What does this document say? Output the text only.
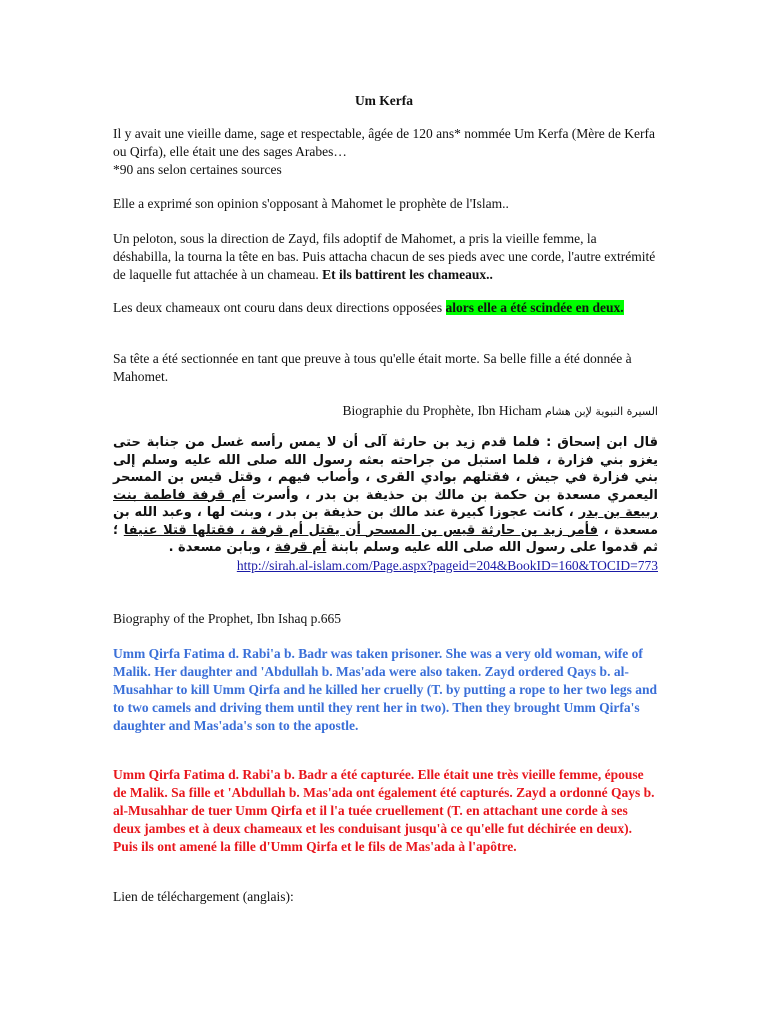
Um Kerfa
Il y avait une vieille dame, sage et respectable, âgée de 120 ans* nommée Um Kerfa (Mère de Kerfa ou Qirfa), elle était une des sages Arabes…
*90 ans selon certaines sources
Elle a exprimé son opinion s'opposant à Mahomet le prophète de l'Islam..
Un peloton, sous la direction de Zayd, fils adoptif de Mahomet, a pris la vieille femme, la déshabilla, la tourna la tête en bas. Puis attacha chacun de ses pieds avec une corde, l'autre extrémité de laquelle fut attachée à un chameau. Et ils battirent les chameaux..
Les deux chameaux ont couru dans deux directions opposées alors elle a été scindée en deux.
Sa tête a été sectionnée en tant que preuve à tous qu'elle était morte. Sa belle fille a été donnée à Mahomet.
Biographie du Prophète, Ibn Hicham السيرة النبوية لإبن هشام
قال ابن إسحاق : فلما قدم زيد بن حارثة آلى أن لا يمس رأسه غسل من جنابة حتى يغزو بني فزارة ، فلما استبل من جراحته بعثه رسول الله صلى الله عليه وسلم إلى بني فزارة في جيش ، فقتلهم بوادي القرى ، وأصاب فيهم ، وقتل قيس بن المسحر اليعمري مسعدة بن حكمة بن مالك بن حذيفة بن بدر ، وأسرت أم قرفة فاطمة بنت ربيعة بن بدر ، كانت عجوزا كبيرة عند مالك بن حذيفة بن بدر ، وبنت لها ، وعبد الله بن مسعدة ، فأمر زيد بن حارثة قيس بن المسحر أن يقتل أم قرفة ، فقتلها قتلا عنيفا ؛ ثم قدموا على رسول الله صلى الله عليه وسلم بابنة أم قرفة ، وبابن مسعدة .
http://sirah.al-islam.com/Page.aspx?pageid=204&BookID=160&TOCID=773
Biography of the Prophet, Ibn Ishaq p.665
Umm Qirfa Fatima d. Rabi'a b. Badr was taken prisoner. She was a very old woman, wife of Malik. Her daughter and 'Abdullah b. Mas'ada were also taken. Zayd ordered Qays b. al-Musahhar to kill Umm Qirfa and he killed her cruelly (T. by putting a rope to her two legs and to two camels and driving them until they rent her in two). Then they brought Umm Qirfa's daughter and Mas'ada's son to the apostle.
Umm Qirfa Fatima d. Rabi'a b. Badr a été capturée. Elle était une très vieille femme, épouse de Malik. Sa fille et 'Abdullah b. Mas'ada ont également été capturés. Zayd a ordonné Qays b. al-Musahhar de tuer Umm Qirfa et il l'a tuée cruellement (T. en attachant une corde à ses deux jambes et à deux chameaux et les conduisant jusqu'à ce qu'elle fut déchirée en deux). Puis ils ont amené la fille d'Umm Qirfa et le fils de Mas'ada à l'apôtre.
Lien de téléchargement (anglais):
